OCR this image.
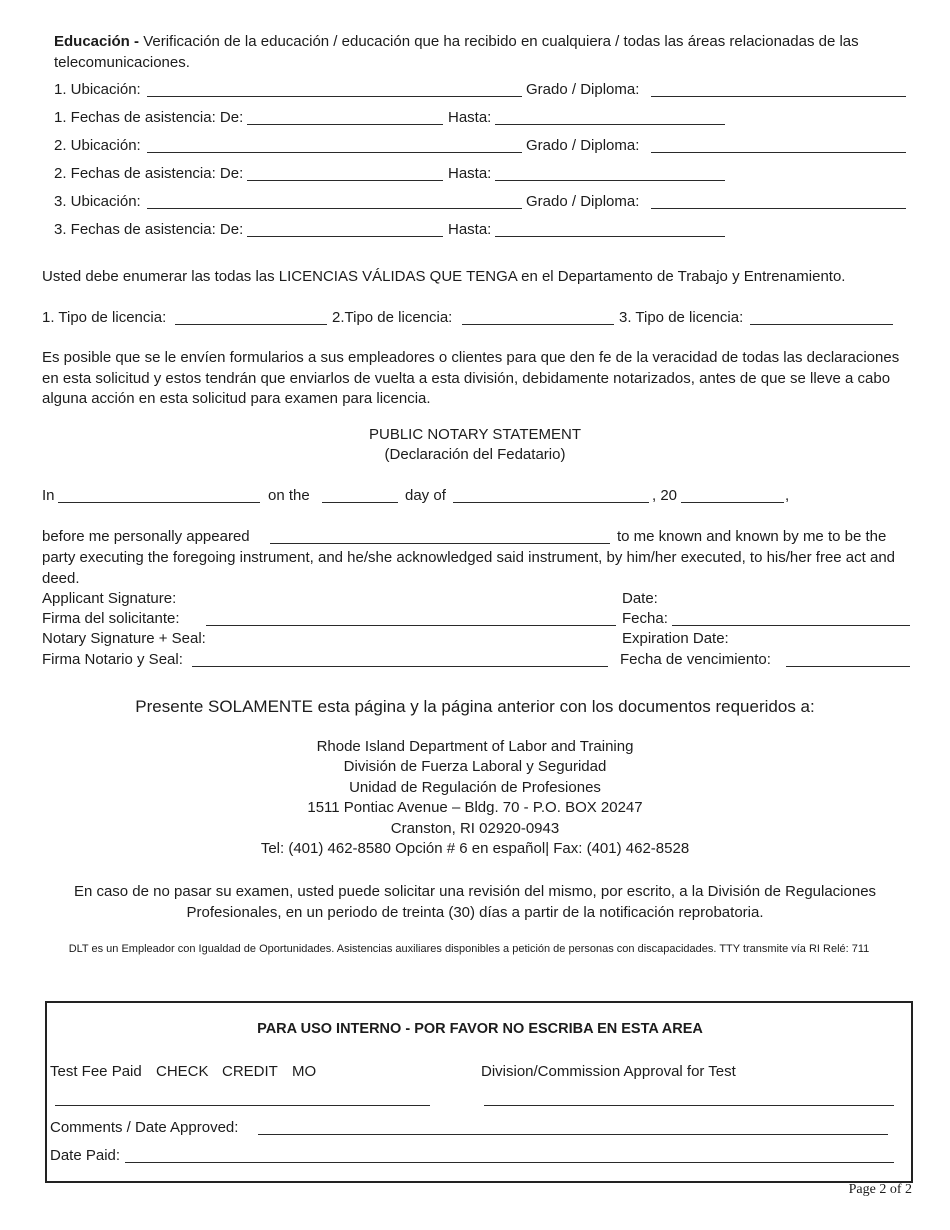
Educación - Verificación de la educación / educación que ha recibido en cualquiera / todas las áreas relacionadas de las telecomunicaciones.
1. Ubicación:	Grado / Diploma:
1. Fechas de asistencia: De:	Hasta:
2. Ubicación:	Grado / Diploma:
2. Fechas de asistencia: De:	Hasta:
3. Ubicación:	Grado / Diploma:
3. Fechas de asistencia: De:	Hasta:
Usted debe enumerar las todas las LICENCIAS VÁLIDAS QUE TENGA en el Departamento de Trabajo y Entrenamiento.
1. Tipo de licencia:	2.Tipo de licencia:	3. Tipo de licencia:
Es posible que se le envíen formularios a sus empleadores o clientes para que den fe de la veracidad de todas las declaraciones en esta solicitud y estos tendrán que enviarlos de vuelta a esta división, debidamente notarizados, antes de que se lleve a cabo alguna acción en esta solicitud para examen para licencia.
PUBLIC NOTARY STATEMENT
(Declaración del Fedatario)
In	on the	day of	, 20	,
before me personally appeared	to me known and known by me to be the
party executing the foregoing instrument, and he/she acknowledged said instrument, by him/her executed, to his/her free act and deed.
Applicant Signature:	Date:
Firma del solicitante:	Fecha:
Notary Signature + Seal:	Expiration Date:
Firma Notario y Seal:	Fecha de vencimiento:
Presente SOLAMENTE esta página y la página anterior con los documentos requeridos a:
Rhode Island Department of Labor and Training
División de Fuerza Laboral y Seguridad
Unidad de Regulación de Profesiones
1511 Pontiac Avenue – Bldg. 70 - P.O. BOX 20247
Cranston, RI 02920-0943
Tel: (401) 462-8580 Opción # 6 en español| Fax: (401) 462-8528
En caso de no pasar su examen, usted puede solicitar una revisión del mismo, por escrito, a la División de Regulaciones Profesionales, en un periodo de treinta (30) días a partir de la notificación reprobatoria.
DLT es un Empleador con Igualdad de Oportunidades. Asistencias auxiliares disponibles a petición de personas con discapacidades. TTY transmite vía RI Relé: 711
PARA USO INTERNO - POR FAVOR NO ESCRIBA EN ESTA AREA
Test Fee Paid CHECK CREDIT MO	Division/Commission Approval for Test
Comments / Date Approved:
Date Paid:
Page 2 of 2
